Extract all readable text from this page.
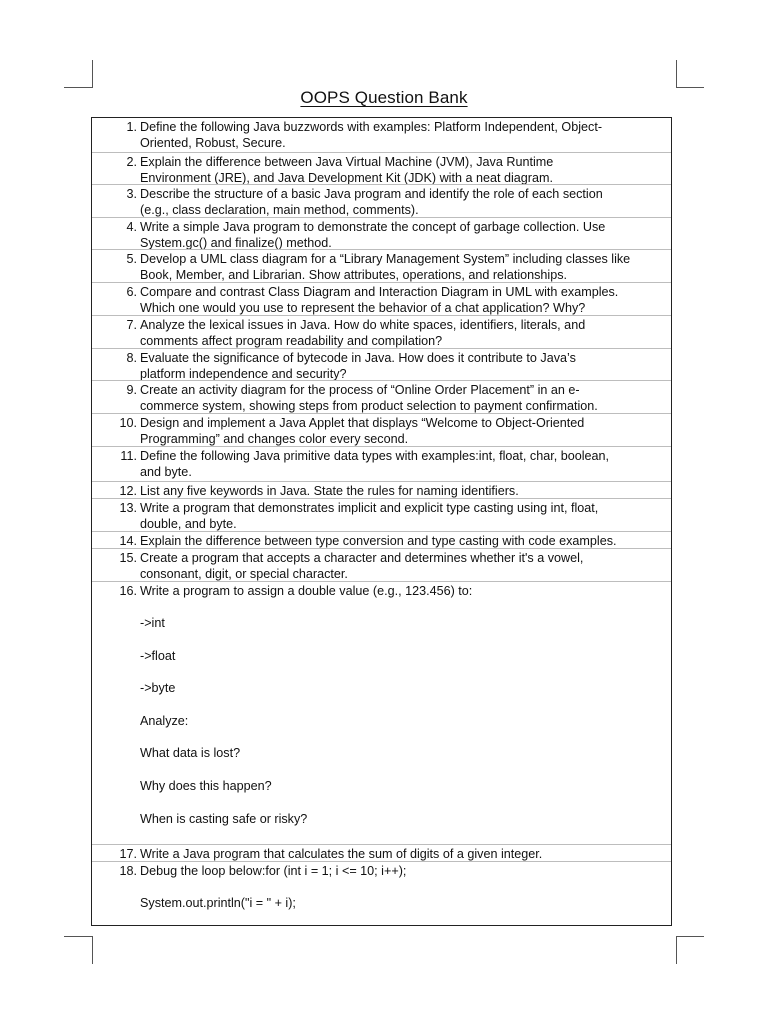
OOPS Question Bank
1. Define the following Java buzzwords with examples: Platform Independent, Object-
Oriented, Robust, Secure.
2. Explain the difference between Java Virtual Machine (JVM), Java Runtime
Environment (JRE), and Java Development Kit (JDK) with a neat diagram.
3. Describe the structure of a basic Java program and identify the role of each section
(e.g., class declaration, main method, comments).
4. Write a simple Java program to demonstrate the concept of garbage collection. Use
System.gc() and finalize() method.
5. Develop a UML class diagram for a “Library Management System” including classes like
Book, Member, and Librarian. Show attributes, operations, and relationships.
6. Compare and contrast Class Diagram and Interaction Diagram in UML with examples.
Which one would you use to represent the behavior of a chat application? Why?
7. Analyze the lexical issues in Java. How do white spaces, identifiers, literals, and
comments affect program readability and compilation?
8. Evaluate the significance of bytecode in Java. How does it contribute to Java’s
platform independence and security?
9. Create an activity diagram for the process of “Online Order Placement” in an e-
commerce system, showing steps from product selection to payment confirmation.
10. Design and implement a Java Applet that displays “Welcome to Object-Oriented
Programming” and changes color every second.
11. Define the following Java primitive data types with examples:int, float, char, boolean,
and byte.
12. List any five keywords in Java. State the rules for naming identifiers.
13. Write a program that demonstrates implicit and explicit type casting using int, float,
double, and byte.
14. Explain the difference between type conversion and type casting with code examples.
15. Create a program that accepts a character and determines whether it's a vowel,
consonant, digit, or special character.
16. Write a program to assign a double value (e.g., 123.456) to:
->int
->float
->byte
Analyze:
What data is lost?
Why does this happen?
When is casting safe or risky?
17. Write a Java program that calculates the sum of digits of a given integer.
18. Debug the loop below:for (int i = 1; i <= 10; i++);
System.out.println("i = " + i);
